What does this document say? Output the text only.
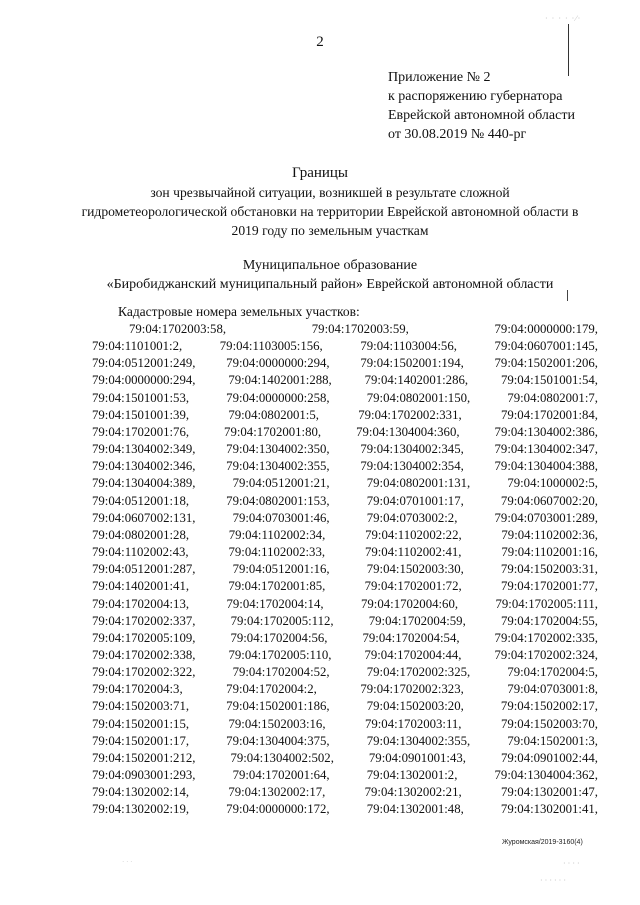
2
· · · · ·⁄·
Приложение № 2
к распоряжению губернатора
Еврейской автономной области
от 30.08.2019 № 440-рг
Границы
зон чрезвычайной ситуации, возникшей в результате сложной гидрометеорологической обстановки на территории Еврейской автономной области в 2019 году по земельным участкам
Муниципальное образование
«Биробиджанский муниципальный район» Еврейской автономной области
Кадастровые номера земельных участков:
79:04:1702003:58,	79:04:1702003:59,	79:04:0000000:179,
79:04:1101001:2,	79:04:1103005:156,	79:04:1103004:56,	79:04:0607001:145,
79:04:0512001:249, 79:04:0000000:294, 79:04:1502001:194, 79:04:1502001:206,
79:04:0000000:294,	79:04:1402001:288,	79:04:1402001:286,	79:04:1501001:54,
79:04:1501001:53,	79:04:0000000:258,	79:04:0802001:150,	79:04:0802001:7,
79:04:1501001:39,	79:04:0802001:5,	79:04:1702002:331,	79:04:1702001:84,
79:04:1702001:76,	79:04:1702001:80,	79:04:1304004:360,	79:04:1304002:386,
79:04:1304002:349, 79:04:1304002:350, 79:04:1304002:345, 79:04:1304002:347,
79:04:1304002:346, 79:04:1304002:355, 79:04:1304002:354, 79:04:1304004:388,
79:04:1304004:389,	79:04:0512001:21,	79:04:0802001:131,	79:04:1000002:5,
79:04:0512001:18,	79:04:0802001:153,	79:04:0701001:17,	79:04:0607002:20,
79:04:0607002:131,	79:04:0703001:46,	79:04:0703002:2,	79:04:0703001:289,
79:04:0802001:28,	79:04:1102002:34,	79:04:1102002:22,	79:04:1102002:36,
79:04:1102002:43,	79:04:1102002:33,	79:04:1102002:41,	79:04:1102001:16,
79:04:0512001:287,	79:04:0512001:16,	79:04:1502003:30,	79:04:1502003:31,
79:04:1402001:41,	79:04:1702001:85,	79:04:1702001:72,	79:04:1702001:77,
79:04:1702004:13,	79:04:1702004:14,	79:04:1702004:60,	79:04:1702005:111,
79:04:1702002:337,	79:04:1702005:112,	79:04:1702004:59,	79:04:1702004:55,
79:04:1702005:109,	79:04:1702004:56,	79:04:1702004:54,	79:04:1702002:335,
79:04:1702002:338,	79:04:1702005:110,	79:04:1702004:44,	79:04:1702002:324,
79:04:1702002:322,	79:04:1702004:52,	79:04:1702002:325,	79:04:1702004:5,
79:04:1702004:3,	79:04:1702004:2,	79:04:1702002:323,	79:04:0703001:8,
79:04:1502003:71,	79:04:1502001:186,	79:04:1502003:20,	79:04:1502002:17,
79:04:1502001:15,	79:04:1502003:16,	79:04:1702003:11,	79:04:1502003:70,
79:04:1502001:17,	79:04:1304004:375,	79:04:1304002:355,	79:04:1502001:3,
79:04:1502001:212,	79:04:1304002:502,	79:04:0901001:43,	79:04:0901002:44,
79:04:0903001:293,	79:04:1702001:64,	79:04:1302001:2,	79:04:1304004:362,
79:04:1302002:14,	79:04:1302002:17,	79:04:1302002:21,	79:04:1302001:47,
79:04:1302002:19,	79:04:0000000:172,	79:04:1302001:48,	79:04:1302001:41,
Журомская/2019-3160(4)
· · ·	· · · ·
· · · · · ·
